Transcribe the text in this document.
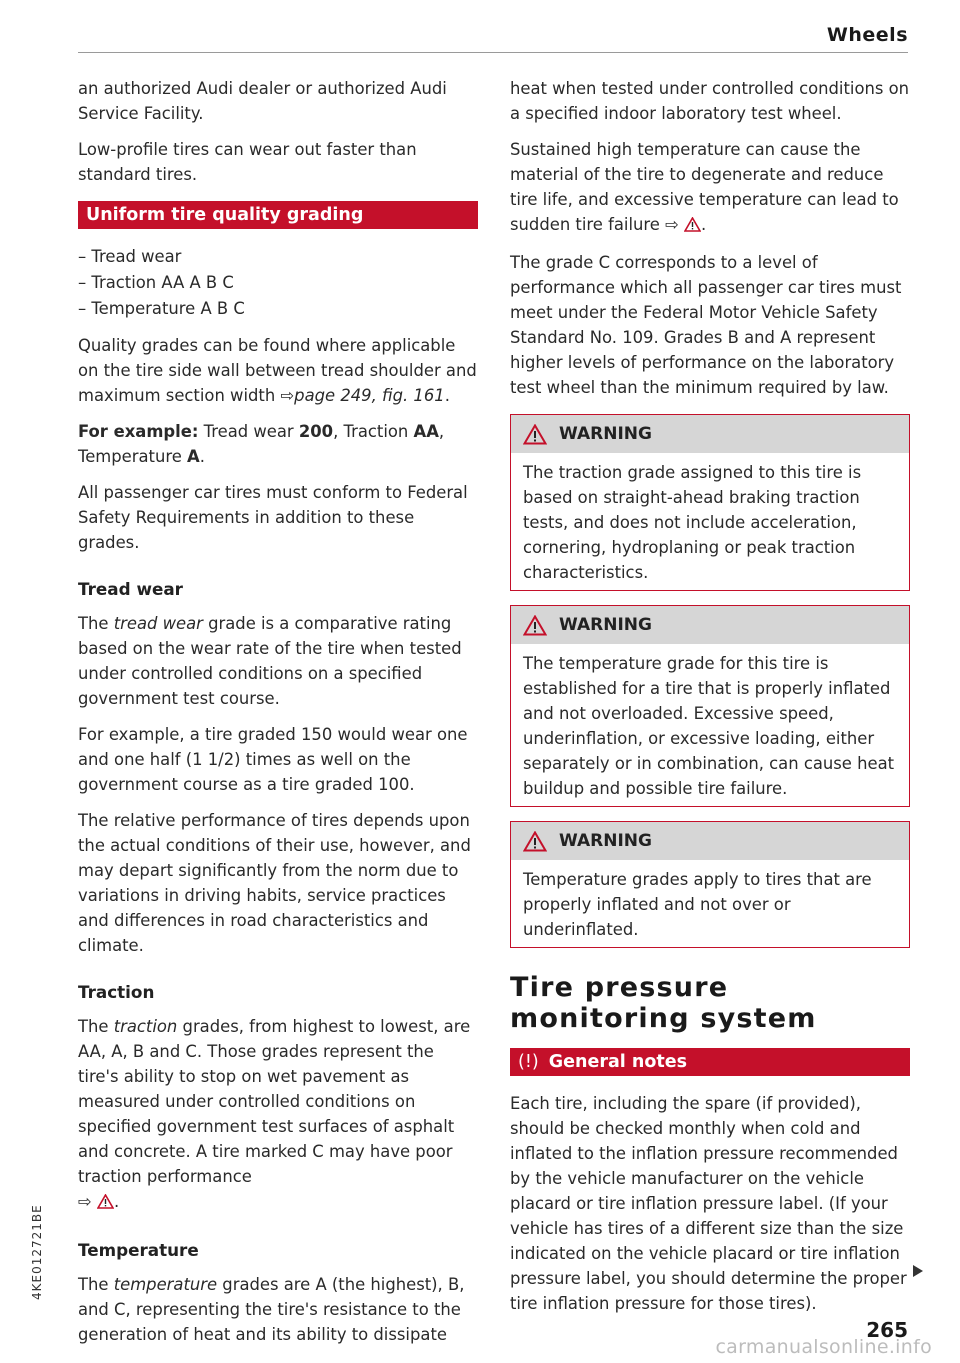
Wheels

an authorized Audi dealer or authorized Audi Service Facility.

Low-profile tires can wear out faster than standard tires.

Uniform tire quality grading
– Tread wear
– Traction AA A B C
– Temperature A B C

Quality grades can be found where applicable on the tire side wall between tread shoulder and maximum section width ⇨page 249, fig. 161.

For example: Tread wear 200, Traction AA, Temperature A.

All passenger car tires must conform to Federal Safety Requirements in addition to these grades.

Tread wear

The tread wear grade is a comparative rating based on the wear rate of the tire when tested under controlled conditions on a specified government test course.

For example, a tire graded 150 would wear one and one half (1 1/2) times as well on the government course as a tire graded 100.

The relative performance of tires depends upon the actual conditions of their use, however, and may depart significantly from the norm due to variations in driving habits, service practices and differences in road characteristics and climate.

Traction

The traction grades, from highest to lowest, are AA, A, B and C. Those grades represent the tire's ability to stop on wet pavement as measured under controlled conditions on specified government test surfaces of asphalt and concrete. A tire marked C may have poor traction performance
⇨ .

Temperature

The temperature grades are A (the highest), B, and C, representing the tire's resistance to the generation of heat and its ability to dissipate

heat when tested under controlled conditions on a specified indoor laboratory test wheel.

Sustained high temperature can cause the material of the tire to degenerate and reduce tire life, and excessive temperature can lead to sudden tire failure ⇨ .

The grade C corresponds to a level of performance which all passenger car tires must meet under the Federal Motor Vehicle Safety Standard No. 109. Grades B and A represent higher levels of performance on the laboratory test wheel than the minimum required by law.

WARNING

The traction grade assigned to this tire is based on straight-ahead braking traction tests, and does not include acceleration, cornering, hydroplaning or peak traction characteristics.

WARNING

The temperature grade for this tire is established for a tire that is properly inflated and not overloaded. Excessive speed, underinflation, or excessive loading, either separately or in combination, can cause heat buildup and possible tire failure.

WARNING

Temperature grades apply to tires that are properly inflated and not over or underinflated.

Tire pressure monitoring system
(!) General notes

Each tire, including the spare (if provided), should be checked monthly when cold and inflated to the inflation pressure recommended by the vehicle manufacturer on the vehicle placard or tire inflation pressure label. (If your vehicle has tires of a different size than the size indicated on the vehicle placard or tire inflation pressure label, you should determine the proper tire inflation pressure for those tires).

4KE012721BE
265
carmanualsonline.info
